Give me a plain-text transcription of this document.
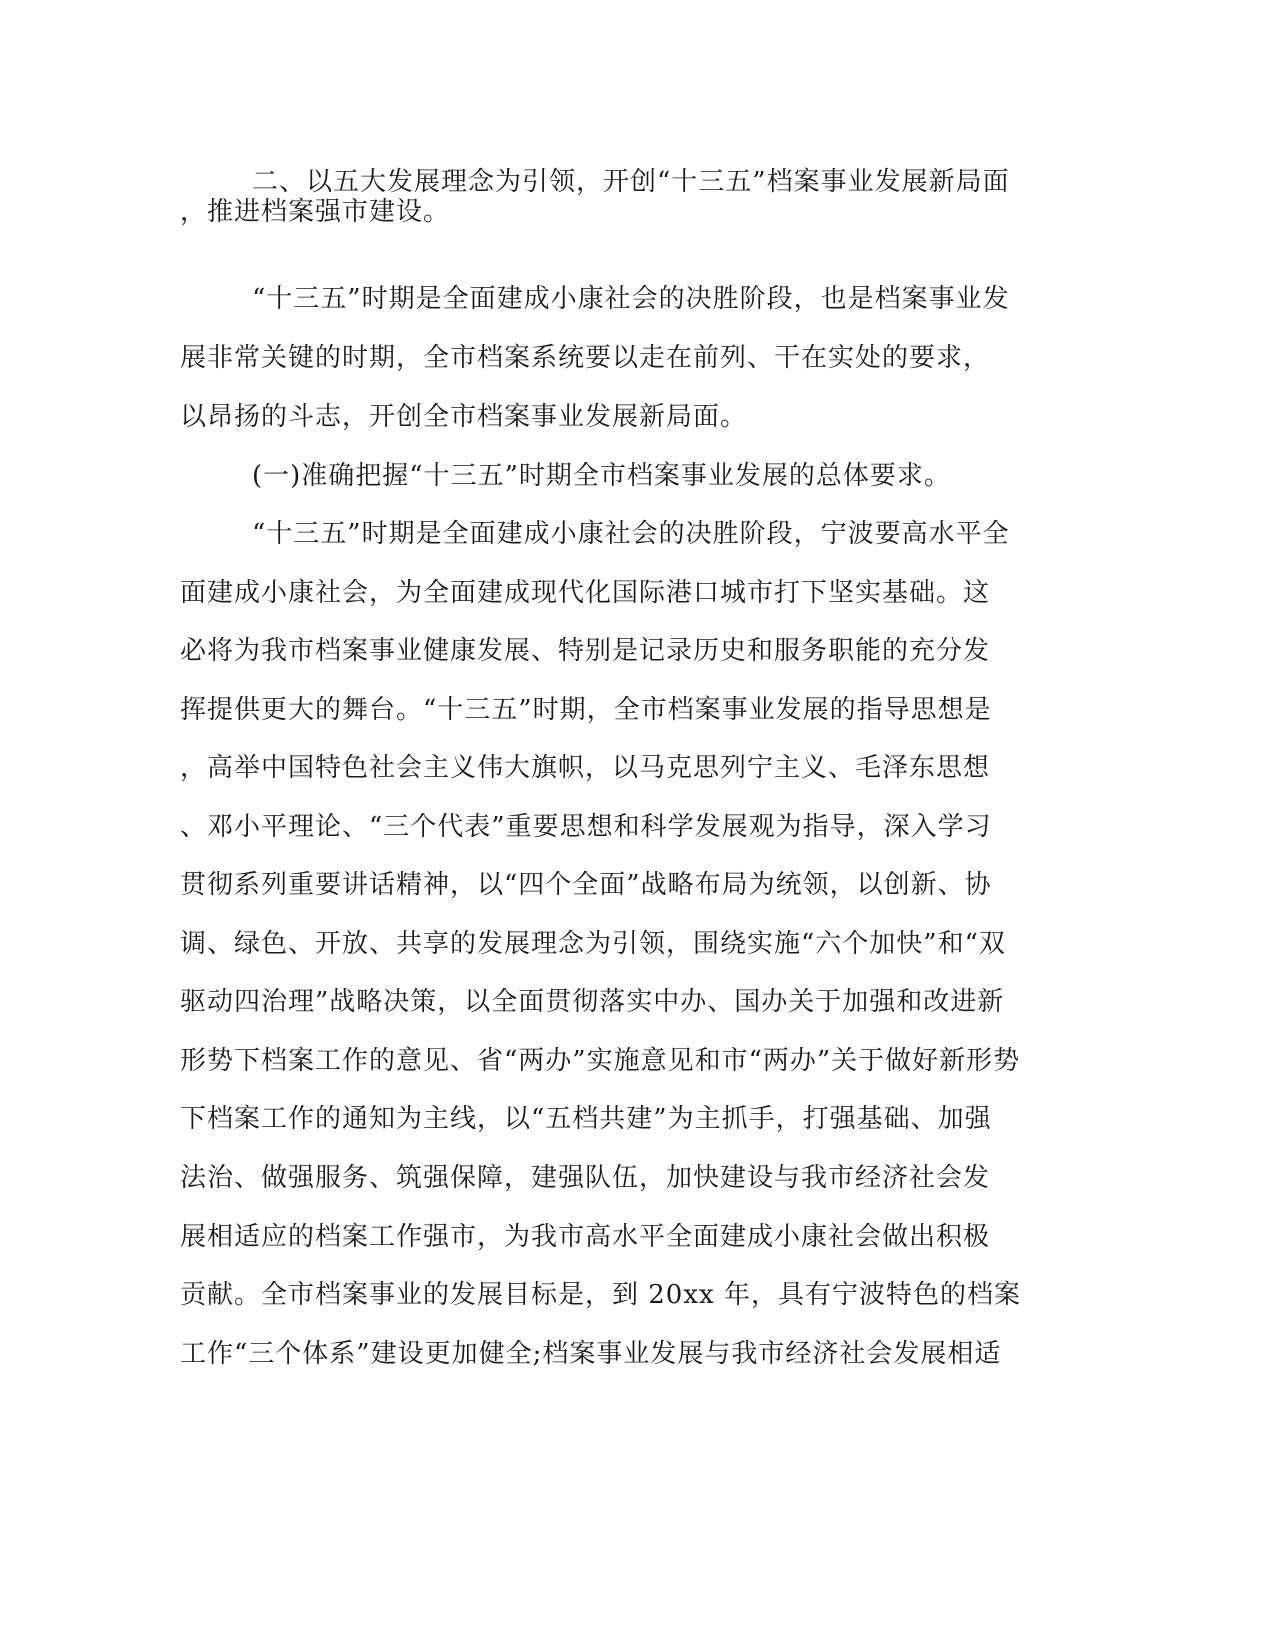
二、以五大发展理念为引领，开创“十三五”档案事业发展新局面
，推进档案强市建设。
“十三五”时期是全面建成小康社会的决胜阶段，也是档案事业发
展非常关键的时期，全市档案系统要以走在前列、干在实处的要求，
以昂扬的斗志，开创全市档案事业发展新局面。
(一)准确把握“十三五”时期全市档案事业发展的总体要求。
“十三五”时期是全面建成小康社会的决胜阶段，宁波要高水平全
面建成小康社会，为全面建成现代化国际港口城市打下坚实基础。这
必将为我市档案事业健康发展、特别是记录历史和服务职能的充分发
挥提供更大的舞台。“十三五”时期，全市档案事业发展的指导思想是
，高举中国特色社会主义伟大旗帜，以马克思列宁主义、毛泽东思想
、邓小平理论、“三个代表”重要思想和科学发展观为指导，深入学习
贯彻系列重要讲话精神，以“四个全面”战略布局为统领，以创新、协
调、绿色、开放、共享的发展理念为引领，围绕实施“六个加快”和“双
驱动四治理”战略决策，以全面贯彻落实中办、国办关于加强和改进新
形势下档案工作的意见、省“两办”实施意见和市“两办”关于做好新形势
下档案工作的通知为主线，以“五档共建”为主抓手，打强基础、加强
法治、做强服务、筑强保障，建强队伍，加快建设与我市经济社会发
展相适应的档案工作强市，为我市高水平全面建成小康社会做出积极
贡献。全市档案事业的发展目标是，到 20xx 年，具有宁波特色的档案
工作“三个体系”建设更加健全;档案事业发展与我市经济社会发展相适
